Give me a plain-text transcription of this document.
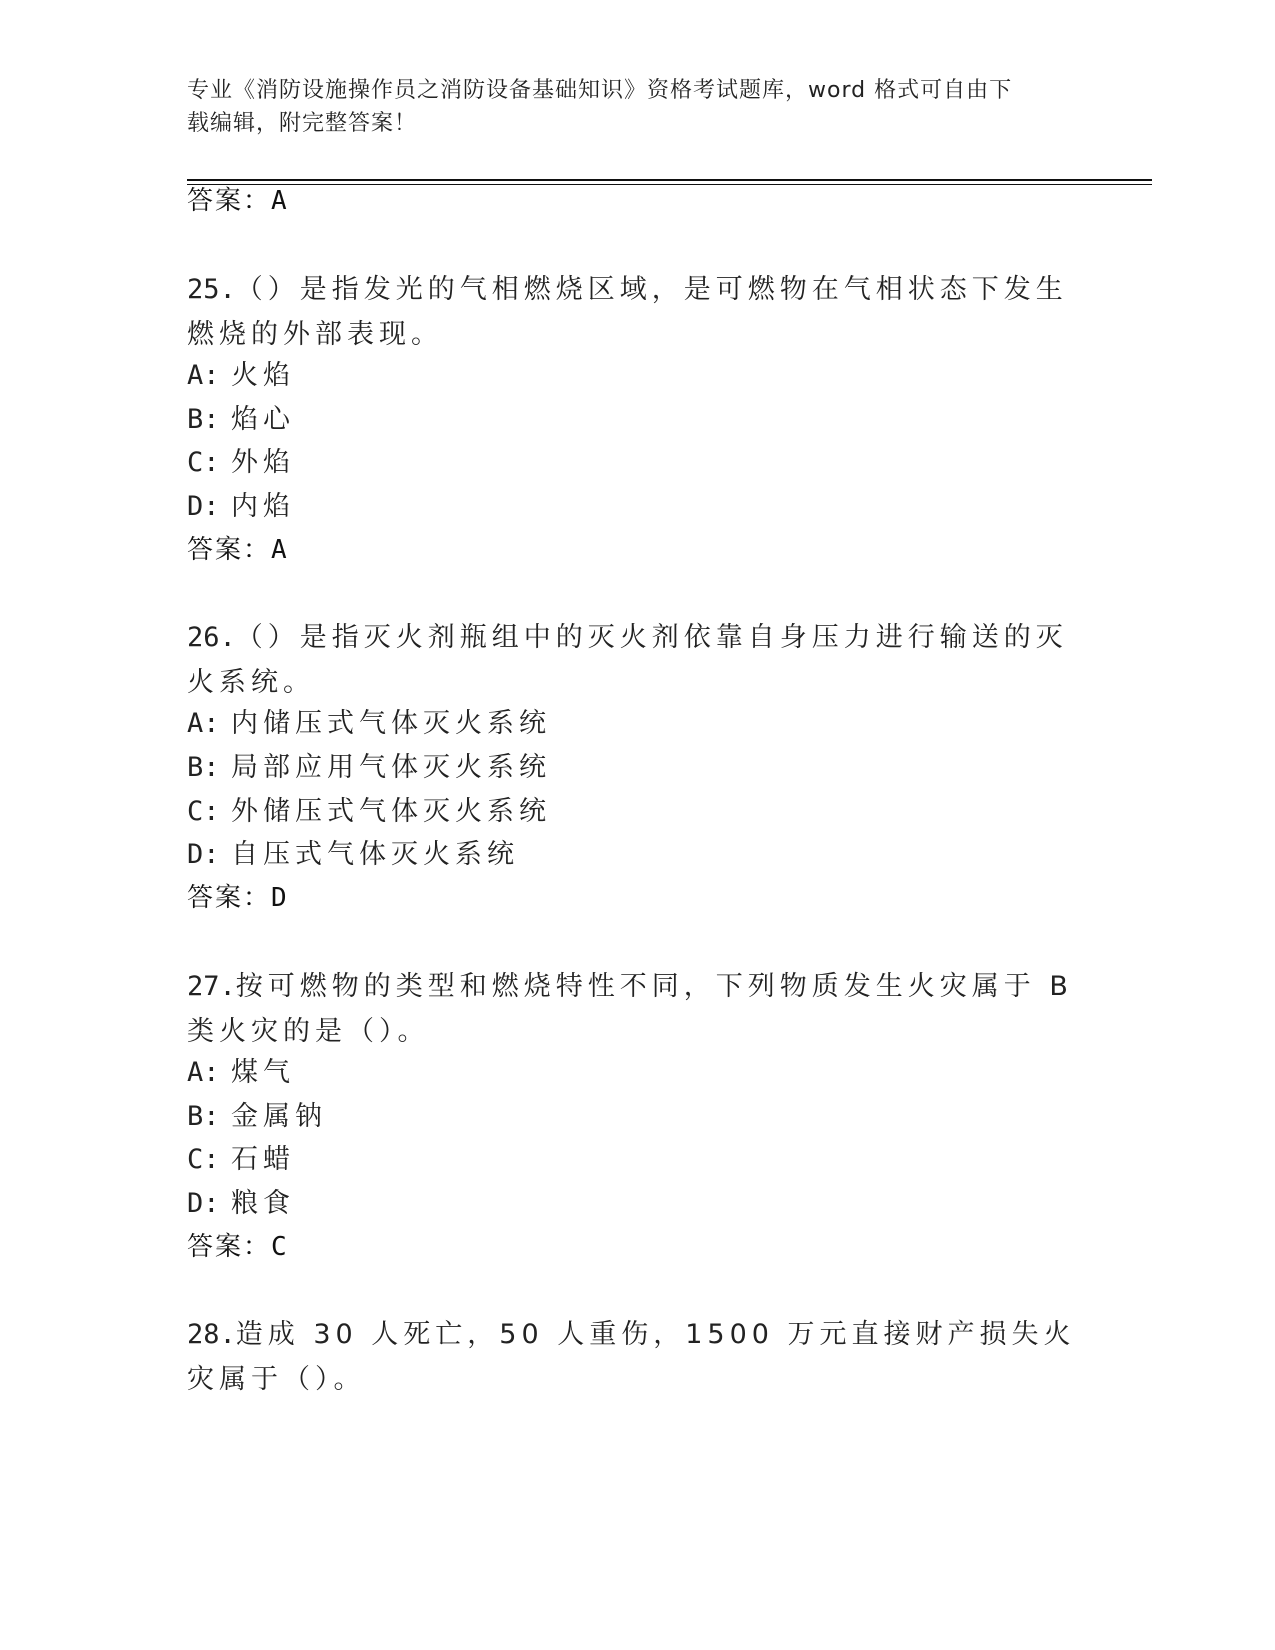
专业《消防设施操作员之消防设备基础知识》资格考试题库，word 格式可自由下
载编辑，附完整答案！
答案：A
25.（）是指发光的气相燃烧区域，是可燃物在气相状态下发生燃烧的外部表现。
A: 火焰
B: 焰心
C: 外焰
D: 内焰
答案：A
26.（）是指灭火剂瓶组中的灭火剂依靠自身压力进行输送的灭火系统。
A: 内储压式气体灭火系统
B: 局部应用气体灭火系统
C: 外储压式气体灭火系统
D: 自压式气体灭火系统
答案：D
27.按可燃物的类型和燃烧特性不同，下列物质发生火灾属于 B 类火灾的是（）。
A: 煤气
B: 金属钠
C: 石蜡
D: 粮食
答案：C
28.造成 30 人死亡，50 人重伤，1500 万元直接财产损失火灾属于（）。
